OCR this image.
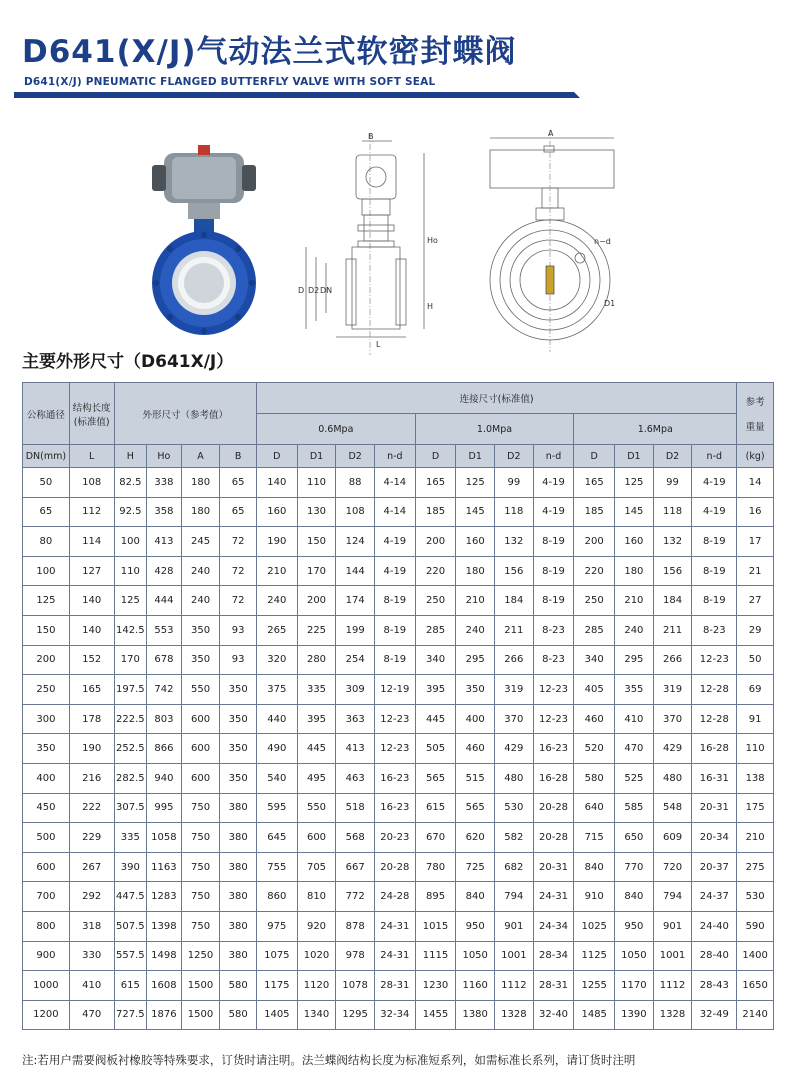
D641(X/J)气动法兰式软密封蝶阀
D641(X/J) PNEUMATIC FLANGED BUTTERFLY VALVE WITH SOFT SEAL
B
D D2 DN
Ho
H
L
A
n−d
D1
主要外形尺寸（D641X/J）
公称通径	结构长度
(标准值)	外形尺寸（参考值）				连接尺寸(标准值)												参考

重量
						0.6Mpa				1.0Mpa				1.6Mpa				
DN(mm)	L	H	Ho	A	B	D	D1	D2	n-d	D	D1	D2	n-d	D	D1	D2	n-d	(kg)
50	108	82.5	338	180	65	140	110	88	4-14	165	125	99	4-19	165	125	99	4-19	14
65	112	92.5	358	180	65	160	130	108	4-14	185	145	118	4-19	185	145	118	4-19	16
80	114	100	413	245	72	190	150	124	4-19	200	160	132	8-19	200	160	132	8-19	17
100	127	110	428	240	72	210	170	144	4-19	220	180	156	8-19	220	180	156	8-19	21
125	140	125	444	240	72	240	200	174	8-19	250	210	184	8-19	250	210	184	8-19	27
150	140	142.5	553	350	93	265	225	199	8-19	285	240	211	8-23	285	240	211	8-23	29
200	152	170	678	350	93	320	280	254	8-19	340	295	266	8-23	340	295	266	12-23	50
250	165	197.5	742	550	350	375	335	309	12-19	395	350	319	12-23	405	355	319	12-28	69
300	178	222.5	803	600	350	440	395	363	12-23	445	400	370	12-23	460	410	370	12-28	91
350	190	252.5	866	600	350	490	445	413	12-23	505	460	429	16-23	520	470	429	16-28	110
400	216	282.5	940	600	350	540	495	463	16-23	565	515	480	16-28	580	525	480	16-31	138
450	222	307.5	995	750	380	595	550	518	16-23	615	565	530	20-28	640	585	548	20-31	175
500	229	335	1058	750	380	645	600	568	20-23	670	620	582	20-28	715	650	609	20-34	210
600	267	390	1163	750	380	755	705	667	20-28	780	725	682	20-31	840	770	720	20-37	275
700	292	447.5	1283	750	380	860	810	772	24-28	895	840	794	24-31	910	840	794	24-37	530
800	318	507.5	1398	750	380	975	920	878	24-31	1015	950	901	24-34	1025	950	901	24-40	590
900	330	557.5	1498	1250	380	1075	1020	978	24-31	1115	1050	1001	28-34	1125	1050	1001	28-40	1400
1000	410	615	1608	1500	580	1175	1120	1078	28-31	1230	1160	1112	28-31	1255	1170	1112	28-43	1650
1200	470	727.5	1876	1500	580	1405	1340	1295	32-34	1455	1380	1328	32-40	1485	1390	1328	32-49	2140
注:若用户需要阀板衬橡胶等特殊要求，订货时请注明。法兰蝶阀结构长度为标准短系列，如需标准长系列，请订货时注明
